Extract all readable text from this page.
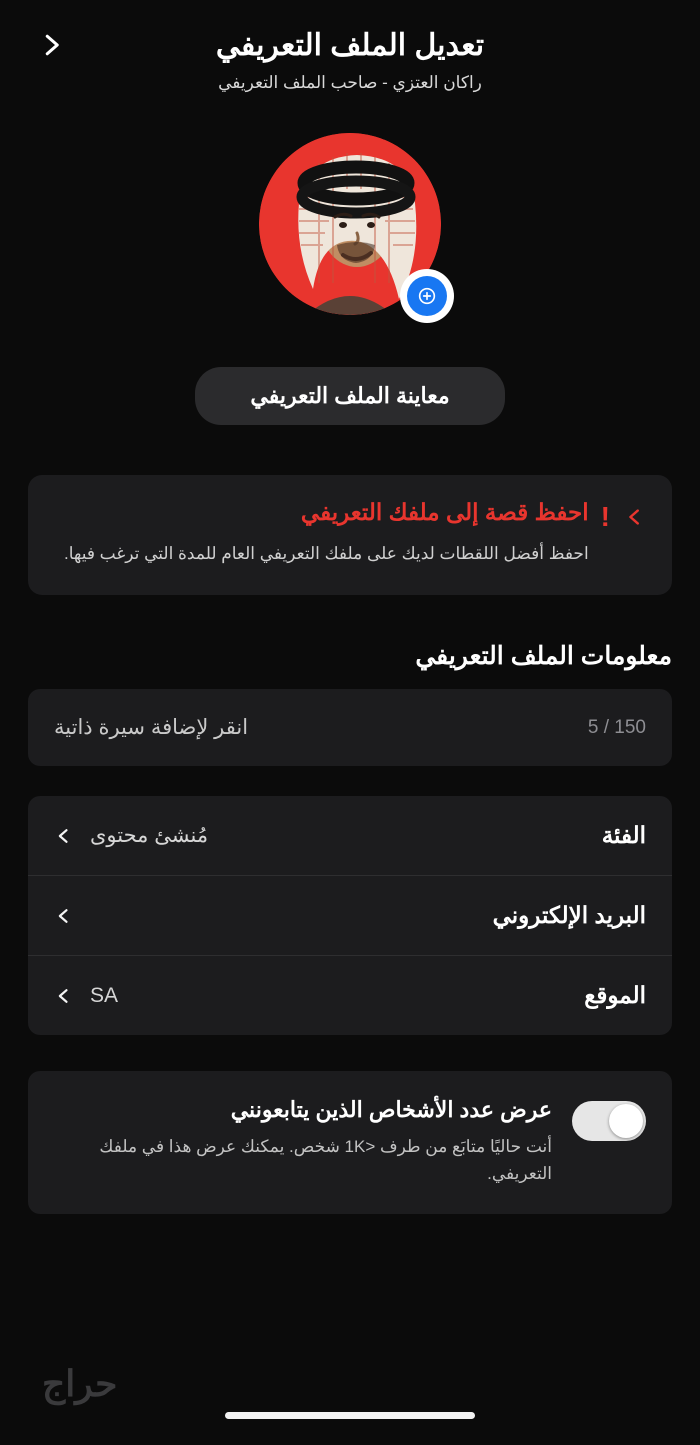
تعديل الملف التعريفي
راكان العتزي - صاحب الملف التعريفي
معاينة الملف التعريفي
!
احفظ قصة إلى ملفك التعريفي
احفظ أفضل اللقطات لديك على ملفك التعريفي العام للمدة التي ترغب فيها.
معلومات الملف التعريفي
5 / 150
انقر لإضافة سيرة ذاتية
الفئة
مُنشئ محتوى
البريد الإلكتروني
الموقع
SA
عرض عدد الأشخاص الذين يتابعونني
أنت حاليًا متابَع من طرف <1K شخص. يمكنك عرض هذا في ملفك التعريفي.
حراج
